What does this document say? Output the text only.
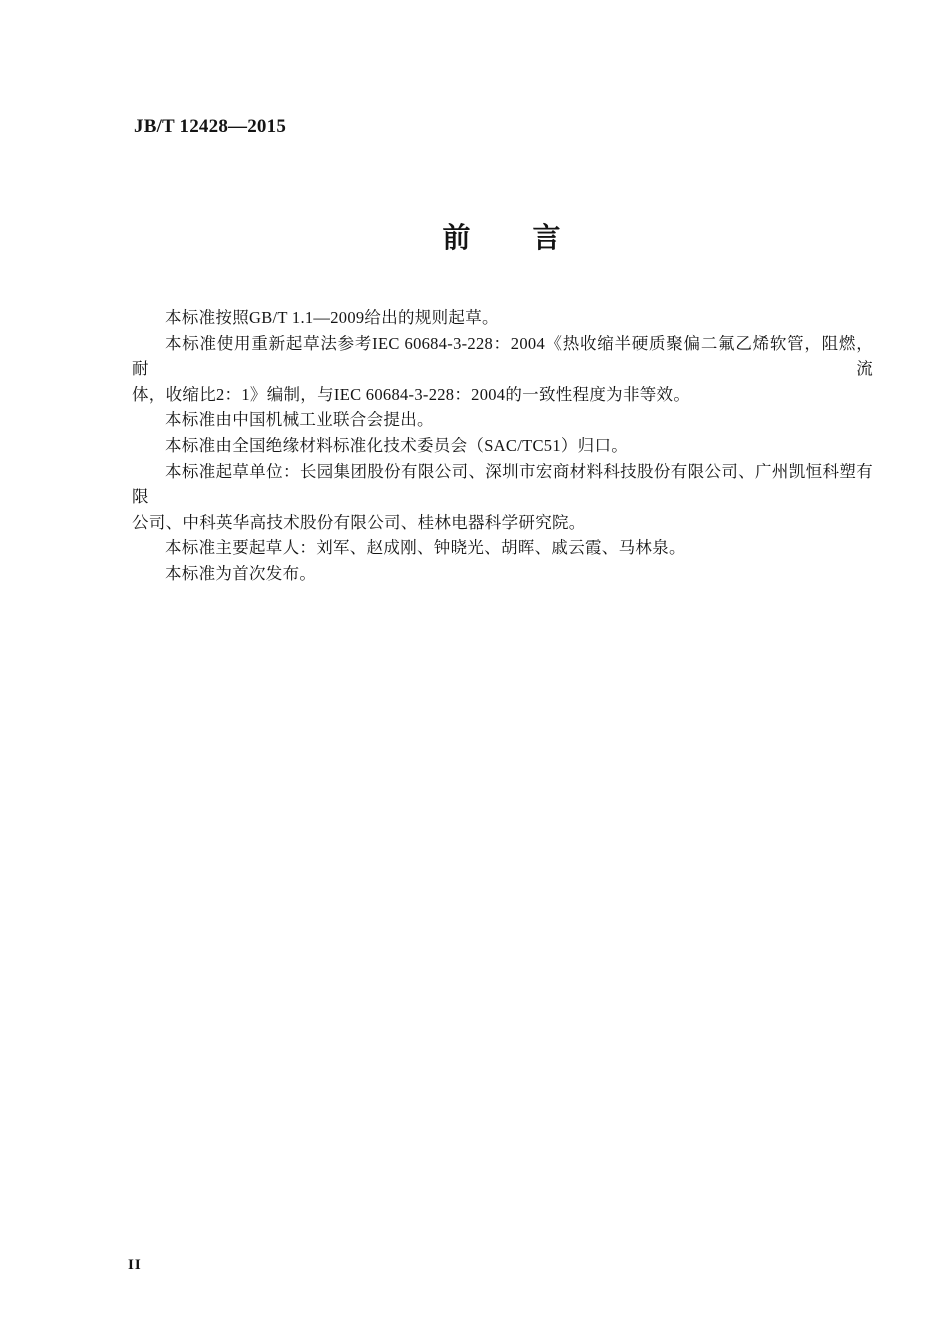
JB/T 12428—2015
前　　言
本标准按照GB/T 1.1—2009给出的规则起草。
本标准使用重新起草法参考IEC 60684-3-228：2004《热收缩半硬质聚偏二氟乙烯软管，阻燃，耐流
体，收缩比2：1》编制，与IEC 60684-3-228：2004的一致性程度为非等效。
本标准由中国机械工业联合会提出。
本标准由全国绝缘材料标准化技术委员会（SAC/TC51）归口。
本标准起草单位：长园集团股份有限公司、深圳市宏商材料科技股份有限公司、广州凯恒科塑有限
公司、中科英华高技术股份有限公司、桂林电器科学研究院。
本标准主要起草人：刘军、赵成刚、钟晓光、胡晖、戚云霞、马林泉。
本标准为首次发布。
II
